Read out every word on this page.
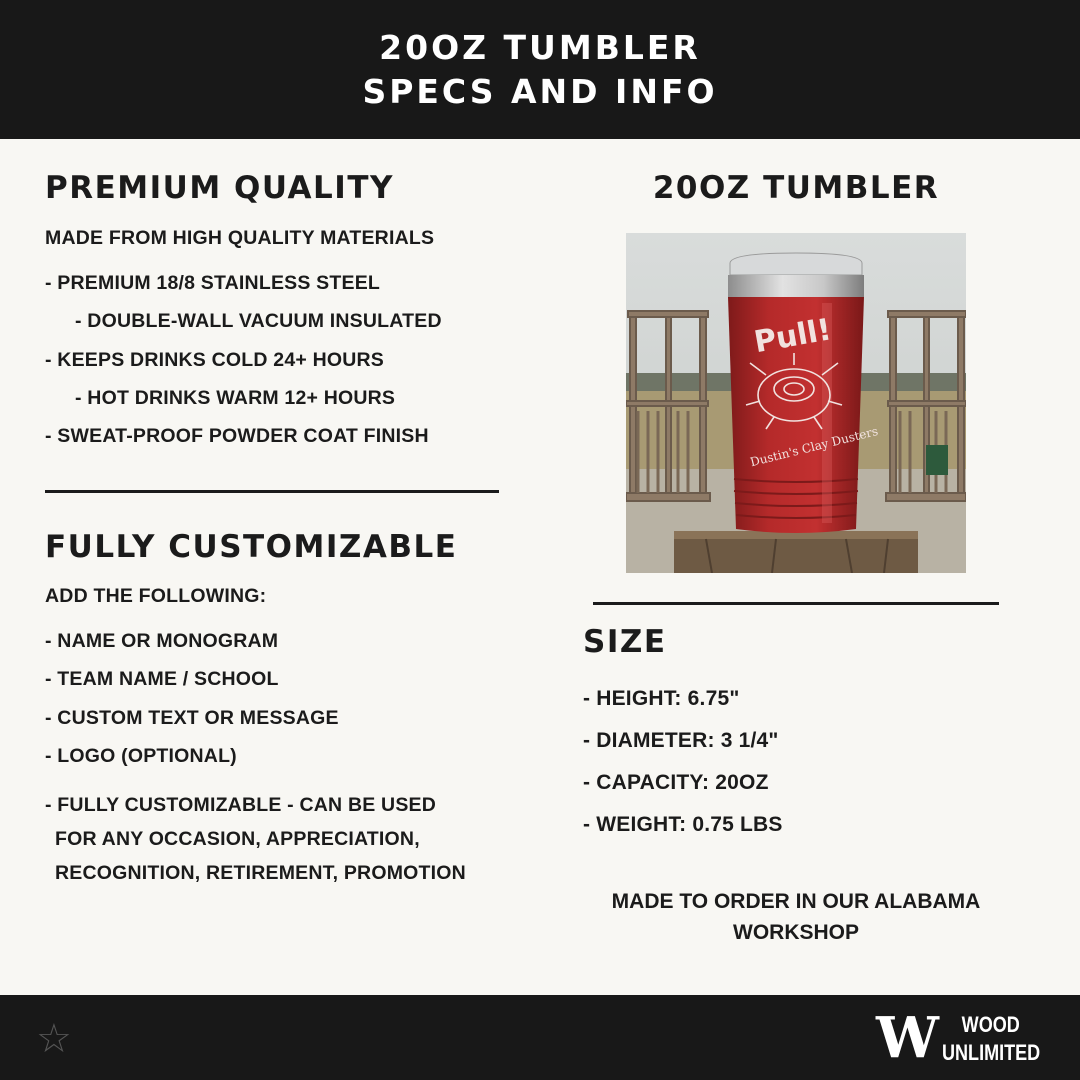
20OZ TUMBLER
SPECS AND INFO
PREMIUM QUALITY
MADE FROM HIGH QUALITY MATERIALS
- PREMIUM 18/8 STAINLESS STEEL
- DOUBLE-WALL VACUUM INSULATED
- KEEPS DRINKS COLD 24+ HOURS
- HOT DRINKS WARM 12+ HOURS
- SWEAT-PROOF POWDER COAT FINISH
FULLY CUSTOMIZABLE
ADD THE FOLLOWING:
- NAME OR MONOGRAM
- TEAM NAME / SCHOOL
- CUSTOM TEXT OR MESSAGE
- LOGO (OPTIONAL)
- FULLY CUSTOMIZABLE - CAN BE USED
FOR ANY OCCASION, APPRECIATION,
RECOGNITION, RETIREMENT, PROMOTION
20OZ TUMBLER
Pull!
Dustin's Clay Dusters
SIZE
- HEIGHT: 6.75"
- DIAMETER: 3 1/4"
- CAPACITY: 20OZ
- WEIGHT: 0.75 LBS
MADE TO ORDER IN OUR ALABAMA
WORKSHOP
☆	W	WOOD
UNLIMITED
